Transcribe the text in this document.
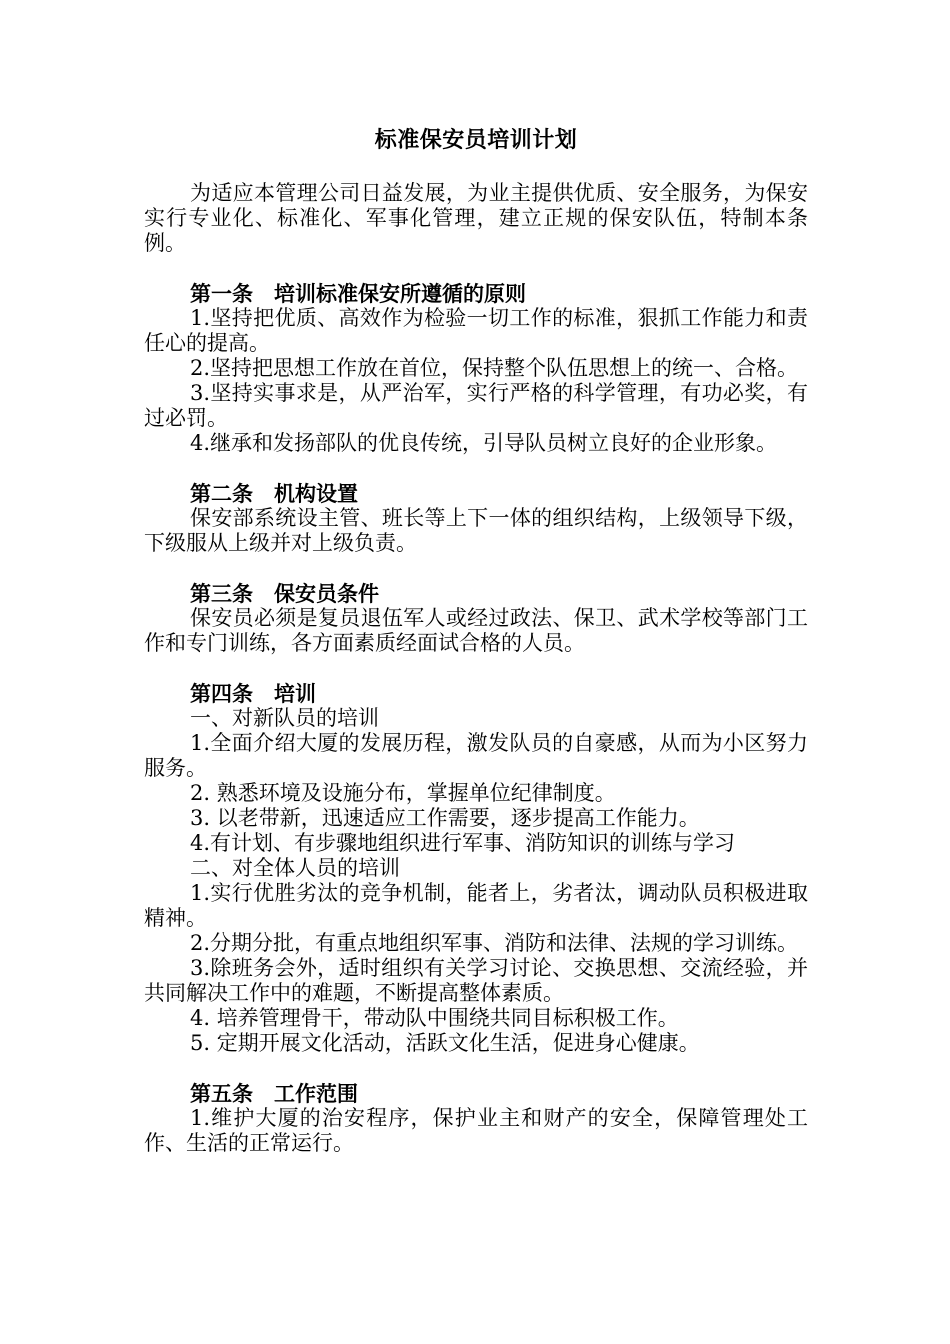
标准保安员培训计划
为适应本管理公司日益发展，为业主提供优质、安全服务，为保安实行专业化、标准化、军事化管理，建立正规的保安队伍，特制本条例。
第一条　培训标准保安所遵循的原则
1.坚持把优质、高效作为检验一切工作的标准，狠抓工作能力和责任心的提高。
2.坚持把思想工作放在首位，保持整个队伍思想上的统一、合格。
3.坚持实事求是，从严治军，实行严格的科学管理，有功必奖，有过必罚。
4.继承和发扬部队的优良传统，引导队员树立良好的企业形象。
第二条　机构设置
保安部系统设主管、班长等上下一体的组织结构，上级领导下级，下级服从上级并对上级负责。
第三条　保安员条件
保安员必须是复员退伍军人或经过政法、保卫、武术学校等部门工作和专门训练，各方面素质经面试合格的人员。
第四条　培训
一、对新队员的培训
1.全面介绍大厦的发展历程，激发队员的自豪感，从而为小区努力服务。
2. 熟悉环境及设施分布，掌握单位纪律制度。
3. 以老带新，迅速适应工作需要，逐步提高工作能力。
4.有计划、有步骤地组织进行军事、消防知识的训练与学习
二、对全体人员的培训
1.实行优胜劣汰的竞争机制，能者上，劣者汰，调动队员积极进取精神。
2.分期分批，有重点地组织军事、消防和法律、法规的学习训练。
3.除班务会外，适时组织有关学习讨论、交换思想、交流经验，并共同解决工作中的难题，不断提高整体素质。
4. 培养管理骨干，带动队中围绕共同目标积极工作。
5. 定期开展文化活动，活跃文化生活，促进身心健康。
第五条　工作范围
1.维护大厦的治安程序，保护业主和财产的安全，保障管理处工作、生活的正常运行。
